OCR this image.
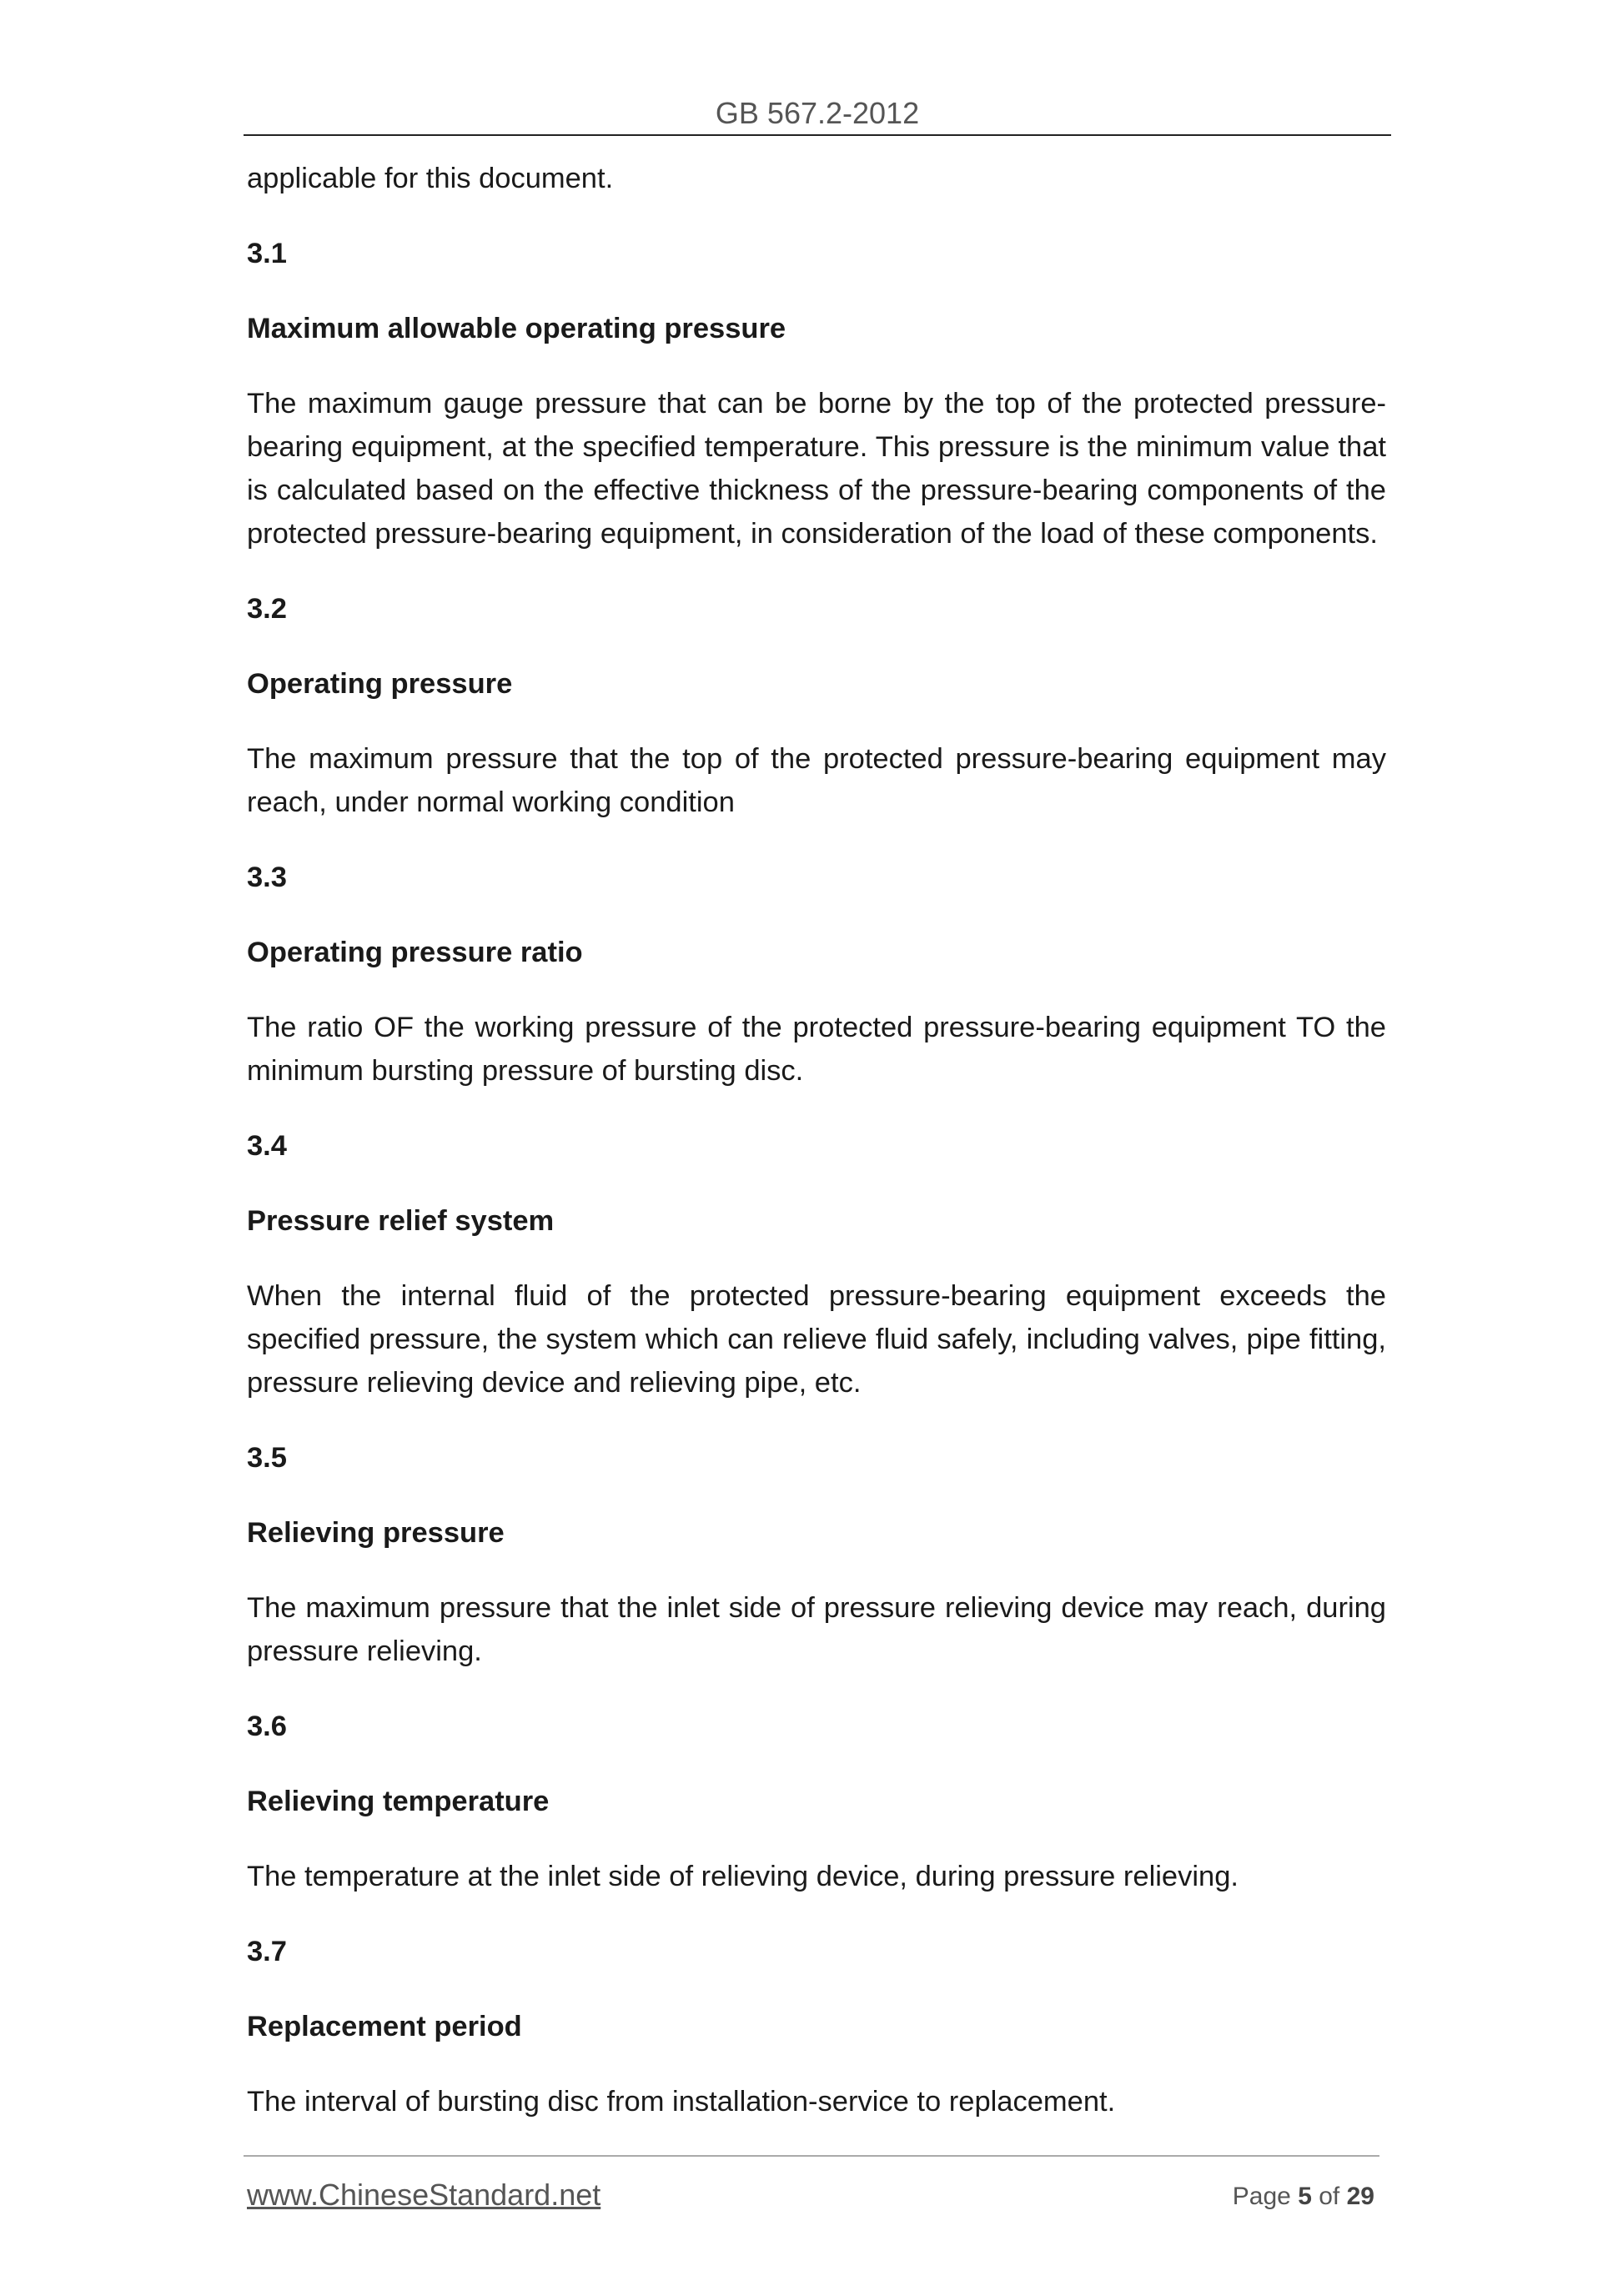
GB 567.2-2012

applicable for this document.

3.1

Maximum allowable operating pressure

The maximum gauge pressure that can be borne by the top of the protected pressure-bearing equipment, at the specified temperature. This pressure is the minimum value that is calculated based on the effective thickness of the pressure-bearing components of the protected pressure-bearing equipment, in consideration of the load of these components.

3.2

Operating pressure

The maximum pressure that the top of the protected pressure-bearing equipment may reach, under normal working condition

3.3

Operating pressure ratio

The ratio OF the working pressure of the protected pressure-bearing equipment TO the minimum bursting pressure of bursting disc.

3.4

Pressure relief system

When the internal fluid of the protected pressure-bearing equipment exceeds the specified pressure, the system which can relieve fluid safely, including valves, pipe fitting, pressure relieving device and relieving pipe, etc.

3.5

Relieving pressure

The maximum pressure that the inlet side of pressure relieving device may reach, during pressure relieving.

3.6

Relieving temperature

The temperature at the inlet side of relieving device, during pressure relieving.

3.7

Replacement period

The interval of bursting disc from installation-service to replacement.

www.ChineseStandard.net	Page 5 of 29
